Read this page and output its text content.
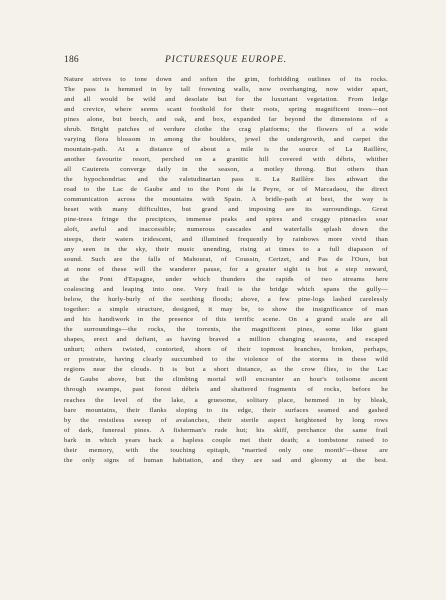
186	PICTURESQUE EUROPE.
Nature strives to tone down and soften the grim, forbidding outlines of its rocks.
The pass is hemmed in by tall frowning walls, now overhanging, now wider apart,
and all would be wild and desolate but for the luxuriant vegetation. From ledge
and crevice, where seems scant foothold for their roots, spring magnificent trees—not
pines alone, but beech, and oak, and box, expanded far beyond the dimensions of a
shrub. Bright patches of verdure clothe the crag platforms; the flowers of a wide
varying flora blossom in among the boulders, jewel the undergrowth, and carpet the
mountain-path. At a distance of about a mile is the source of La Raillère,
another favourite resort, perched on a granitic hill covered with débris, whither
all Cauterets converge daily in the season, a motley throng. But others than
the hypochondriac and the valetudinarian pass it. La Raillère lies athwart the
road to the Lac de Gaube and to the Pont de la Peyre, or of Marcadaou, the direct
communication across the mountains with Spain. A bridle-path at best, the way is
beset with many difficulties, but grand and imposing are its surroundings. Great
pine-trees fringe the precipices, immense peaks and spires and craggy pinnacles soar
aloft, awful and inaccessible; numerous cascades and waterfalls splash down the
steeps, their waters iridescent, and illumined frequently by rainbows more vivid than
any seen in the sky, their music unending, rising at times to a full diapason of
sound. Such are the falls of Mahourat, of Coussin, Cerizet, and Pas de l'Ours, but
at none of these will the wanderer pause, for a greater sight is but a step onward,
at the Pont d'Espagne, under which thunders the rapids of two streams here
coalescing and leaping into one. Very frail is the bridge which spans the gully—
below, the hurly-burly of the seething floods; above, a few pine-logs lashed carelessly
together: a simple structure, designed, it may be, to show the insignificance of man
and his handiwork in the presence of this terrific scene. On a grand scale are all
the surroundings—the rocks, the torrents, the magnificent pines, some like giant
shapes, erect and defiant, as having braved a million changing seasons, and escaped
unhurt; others twisted, contorted, shorn of their topmost branches, broken, perhaps,
or prostrate, having clearly succumbed to the violence of the storms in these wild
regions near the clouds. It is but a short distance, as the crow flies, to the Lac
de Gaube above, but the climbing mortal will encounter an hour's toilsome ascent
through swamps, past forest débris and shattered fragments of rocks, before he
reaches the level of the lake, a gruesome, solitary place, hemmed in by bleak,
bare mountains, their flanks sloping to its edge, their surfaces seamed and gashed
by the resistless sweep of avalanches, their sterile aspect heightened by long rows
of dark, funereal pines. A fisherman's rude hut; his skiff, perchance the same frail
bark in which years back a hapless couple met their death; a tombstone raised to
their memory, with the touching epitaph, "married only one month"—these are
the only signs of human habitation, and they are sad and gloomy at the best.
